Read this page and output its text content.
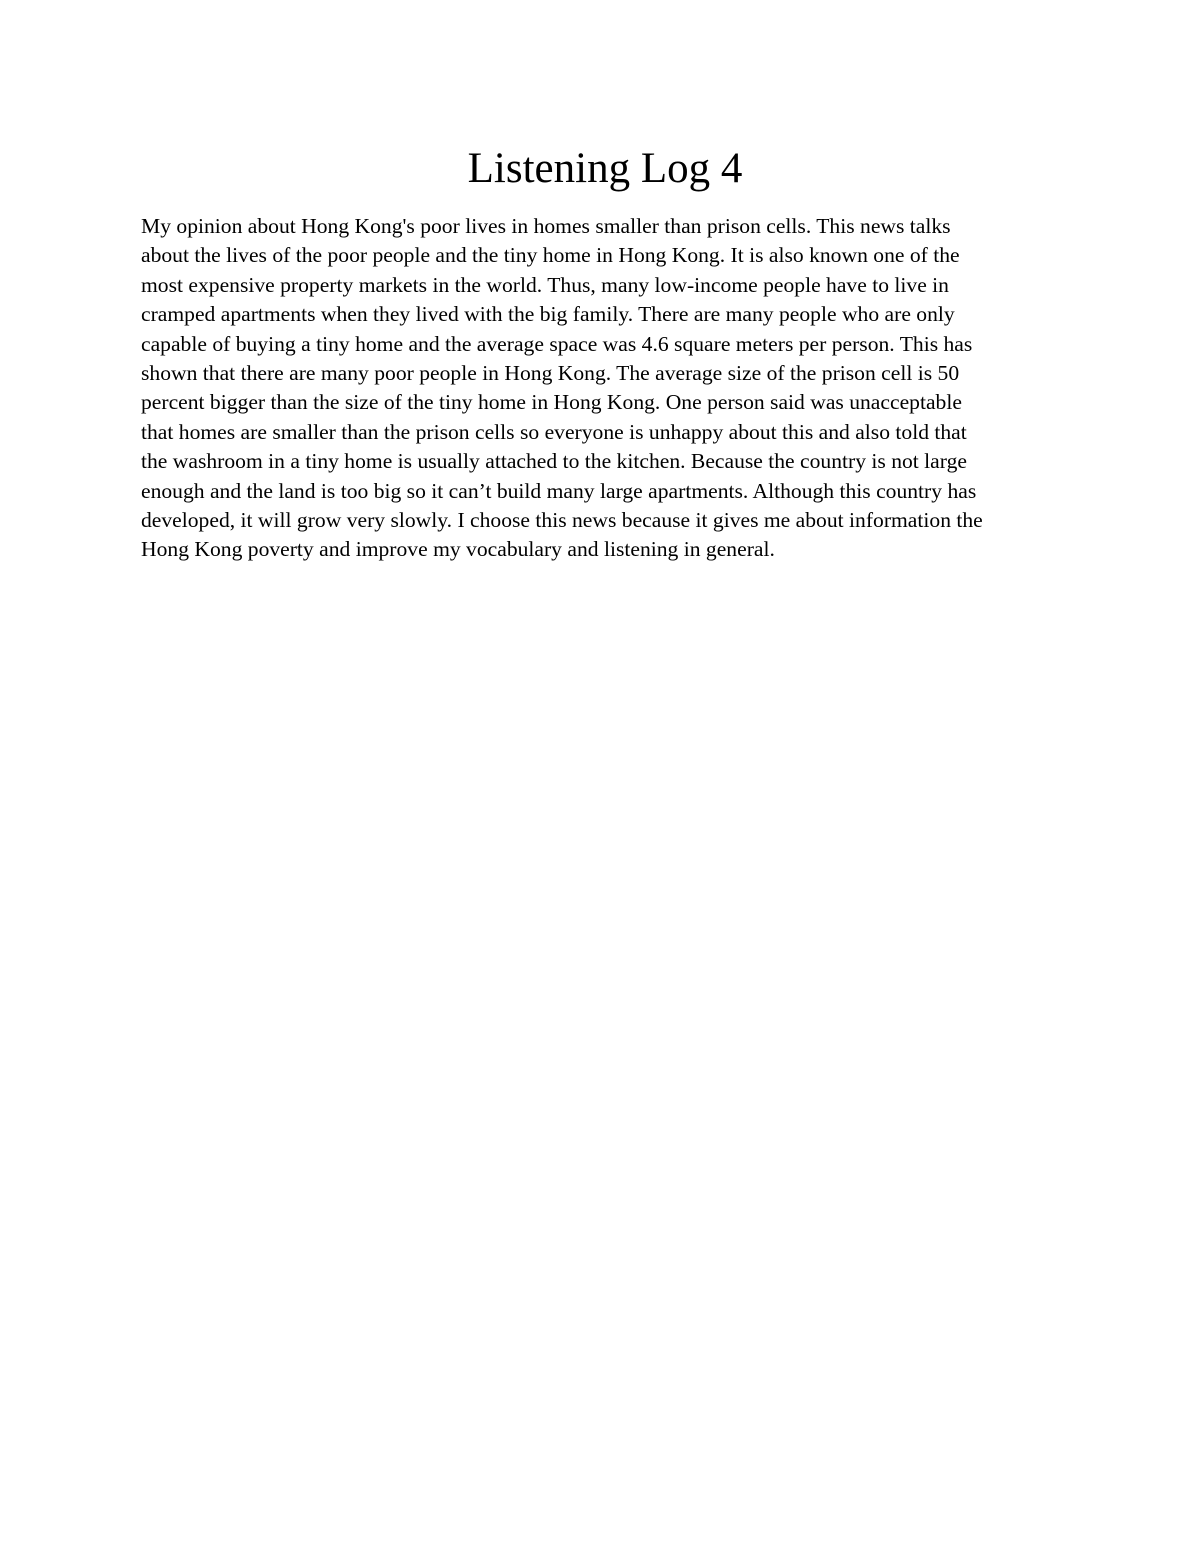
Listening Log 4
My opinion about Hong Kong's poor lives in homes smaller than prison cells. This news talks
about the lives of the poor people and the tiny home in Hong Kong. It is also known one of the
most expensive property markets in the world. Thus, many low-income people have to live in
cramped apartments when they lived with the big family. There are many people who are only
capable of buying a tiny home and the average space was 4.6 square meters per person. This has
shown that there are many poor people in Hong Kong. The average size of the prison cell is 50
percent bigger than the size of the tiny home in Hong Kong. One person said was unacceptable
that homes are smaller than the prison cells so everyone is unhappy about this and also told that
the washroom in a tiny home is usually attached to the kitchen. Because the country is not large
enough and the land is too big so it can’t build many large apartments. Although this country has
developed, it will grow very slowly. I choose this news because it gives me about information the
Hong Kong poverty and improve my vocabulary and listening in general.
